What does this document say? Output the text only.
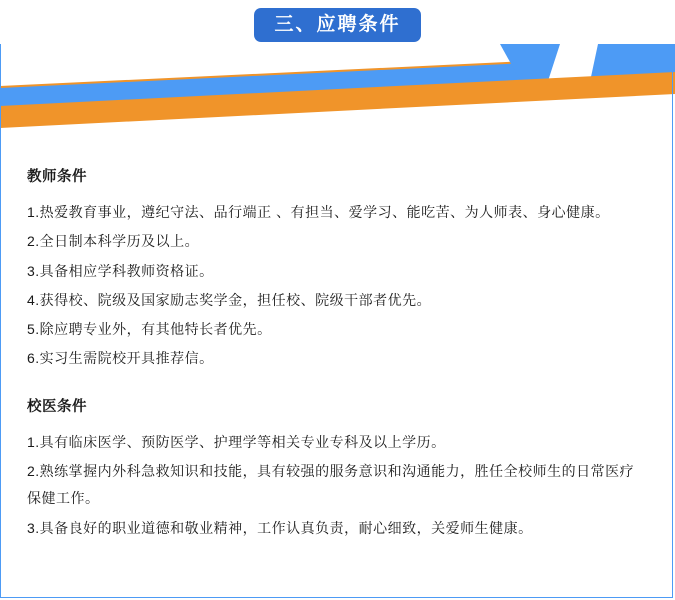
三、应聘条件
教师条件
1.热爱教育事业，遵纪守法、品行端正 、有担当、爱学习、能吃苦、为人师表、身心健康。
2.全日制本科学历及以上。
3.具备相应学科教师资格证。
4.获得校、院级及国家励志奖学金，担任校、院级干部者优先。
5.除应聘专业外，有其他特长者优先。
6.实习生需院校开具推荐信。
校医条件
1.具有临床医学、预防医学、护理学等相关专业专科及以上学历。
2.熟练掌握内外科急救知识和技能，具有较强的服务意识和沟通能力，胜任全校师生的日常医疗保健工作。
3.具备良好的职业道德和敬业精神，工作认真负责，耐心细致，关爱师生健康。
